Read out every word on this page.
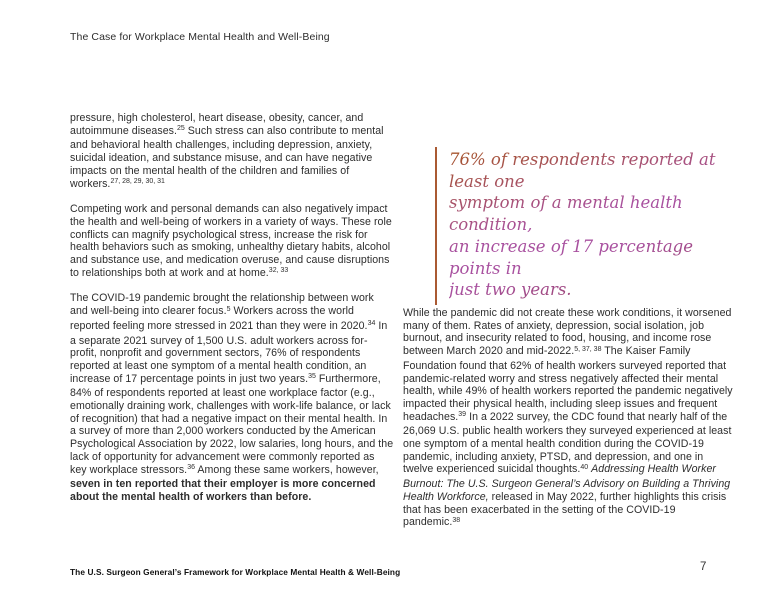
The Case for Workplace Mental Health and Well-Being

pressure, high cholesterol, heart disease, obesity, cancer, and autoimmune diseases.$^{25}$ Such stress can also contribute to mental and behavioral health challenges, including depression, anxiety, suicidal ideation, and substance misuse, and can have negative impacts on the mental health of the children and families of workers.$^{27, 28, 29, 30, 31}$

Competing work and personal demands can also negatively impact the health and well-being of workers in a variety of ways. These role conflicts can magnify psychological stress, increase the risk for health behaviors such as smoking, unhealthy dietary habits, alcohol and substance use, and medication overuse, and cause disruptions to relationships both at work and at home.$^{32, 33}$

The COVID-19 pandemic brought the relationship between work and well-being into clearer focus.$^5$ Workers across the world reported feeling more stressed in 2021 than they were in 2020.34 In a separate 2021 survey of 1,500 U.S. adult workers across for-profit, nonprofit and government sectors, 76% of respondents reported at least one symptom of a mental health condition, an increase of 17 percentage points in just two years.$^{35}$ Furthermore, 84% of respondents reported at least one workplace factor (e.g., emotionally draining work, challenges with work-life balance, or lack of recognition) that had a negative impact on their mental health. In a survey of more than 2,000 workers conducted by the American Psychological Association by 2022, low salaries, long hours, and the lack of opportunity for advancement were commonly reported as key workplace stressors.$^{36}$ Among these same workers, however, seven in ten reported that their employer is more concerned about the mental health of workers than before.

76% of respondents reported at least one
symptom of a mental health condition,
an increase of 17 percentage points in
just two years.

While the pandemic did not create these work conditions, it worsened many of them. Rates of anxiety, depression, social isolation, job burnout, and insecurity related to food, housing, and income rose between March 2020 and mid-2022.$^{5, 37, 38}$ The Kaiser Family Foundation found that 62% of health workers surveyed reported that pandemic-related worry and stress negatively affected their mental health, while 49% of health workers reported the pandemic negatively impacted their physical health, including sleep issues and frequent headaches.$^{39}$ In a 2022 survey, the CDC found that nearly half of the 26,069 U.S. public health workers they surveyed experienced at least one symptom of a mental health condition during the COVID-19 pandemic, including anxiety, PTSD, and depression, and one in twelve experienced suicidal thoughts.$^{40}$ Addressing Health Worker Burnout: The U.S. Surgeon General’s Advisory on Building a Thriving Health Workforce, released in May 2022, further highlights this crisis that has been exacerbated in the setting of the COVID-19 pandemic.$^{38}$

The U.S. Surgeon General’s Framework for Workplace Mental Health & Well-Being	7
